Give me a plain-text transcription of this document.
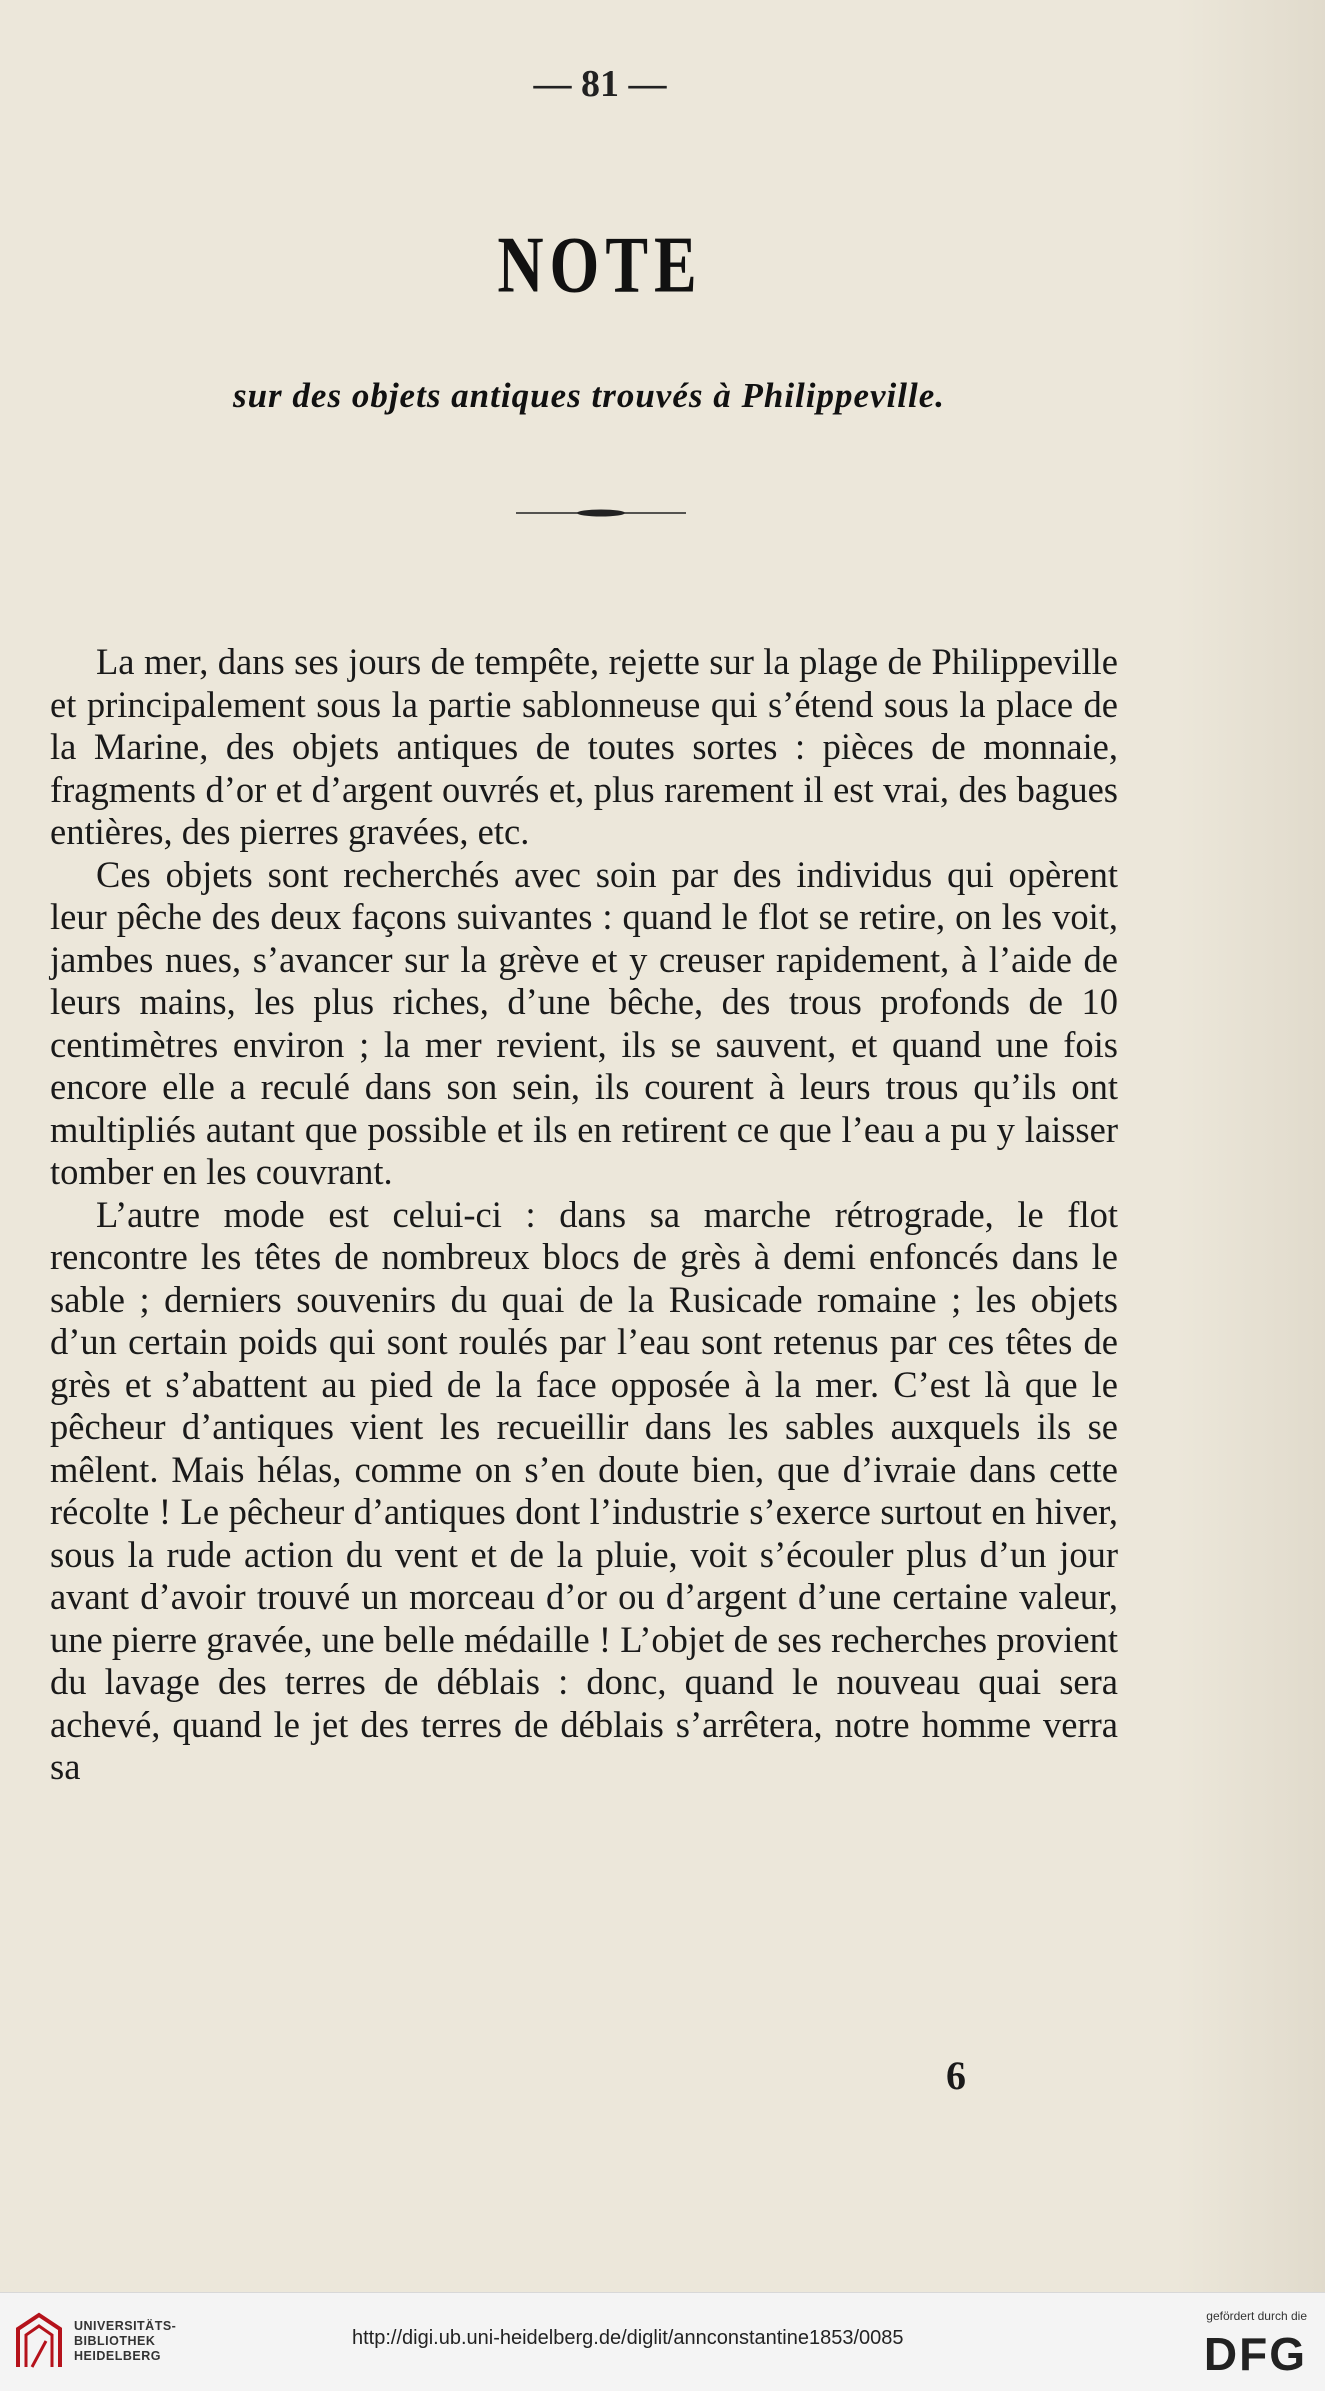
— 81 —
NOTE
sur des objets antiques trouvés à Philippeville.

La mer, dans ses jours de tempête, rejette sur la plage de Philippeville et principalement sous la partie sablonneuse qui s’étend sous la place de la Marine, des objets antiques de toutes sortes : pièces de monnaie, fragments d’or et d’argent ouvrés et, plus rarement il est vrai, des bagues entières, des pierres gravées, etc.

Ces objets sont recherchés avec soin par des individus qui opèrent leur pêche des deux façons suivantes : quand le flot se retire, on les voit, jambes nues, s’avancer sur la grève et y creuser rapidement, à l’aide de leurs mains, les plus riches, d’une bêche, des trous profonds de 10 centimètres environ ; la mer revient, ils se sauvent, et quand une fois encore elle a reculé dans son sein, ils courent à leurs trous qu’ils ont multipliés autant que possible et ils en retirent ce que l’eau a pu y laisser tomber en les couvrant.

L’autre mode est celui-ci : dans sa marche rétrograde, le flot rencontre les têtes de nombreux blocs de grès à demi enfoncés dans le sable ; derniers souvenirs du quai de la Rusicade romaine ; les objets d’un certain poids qui sont roulés par l’eau sont retenus par ces têtes de grès et s’abattent au pied de la face opposée à la mer. C’est là que le pêcheur d’antiques vient les recueillir dans les sables auxquels ils se mêlent. Mais hélas, comme on s’en doute bien, que d’ivraie dans cette récolte ! Le pêcheur d’antiques dont l’industrie s’exerce surtout en hiver, sous la rude action du vent et de la pluie, voit s’écouler plus d’un jour avant d’avoir trouvé un morceau d’or ou d’argent d’une certaine valeur, une pierre gravée, une belle médaille ! L’objet de ses recherches provient du lavage des terres de déblais : donc, quand le nouveau quai sera achevé, quand le jet des terres de déblais s’arrêtera, notre homme verra sa

6
UNIVERSITÄTS-
BIBLIOTHEK
HEIDELBERG
http://digi.ub.uni-heidelberg.de/diglit/annconstantine1853/0085
gefördert durch die
DFG
